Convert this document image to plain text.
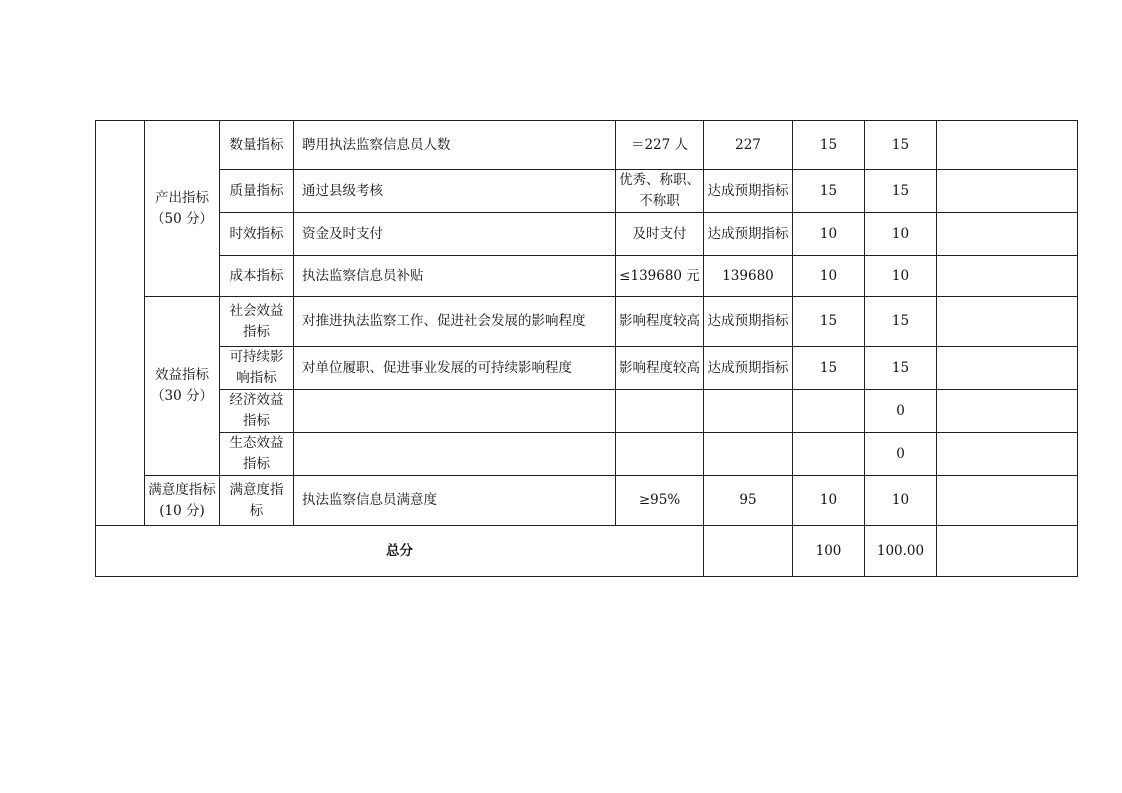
	产出指标（50 分）	数量指标	聘用执法监察信息员人数	＝227 人	227	15	15	
		质量指标	通过县级考核	优秀、称职、不称职	达成预期指标	15	15	
		时效指标	资金及时支付	及时支付	达成预期指标	10	10	
		成本指标	执法监察信息员补贴	≤139680 元	139680	10	10	
	效益指标（30 分）	社会效益指标	对推进执法监察工作、促进社会发展的影响程度	影响程度较高	达成预期指标	15	15	
		可持续影响指标	对单位履职、促进事业发展的可持续影响程度	影响程度较高	达成预期指标	15	15	
		经济效益指标					0	
		生态效益指标					0	
	满意度指标(10 分)	满意度指标	执法监察信息员满意度	≥95%	95	10	10	
总分						100	100.00	
